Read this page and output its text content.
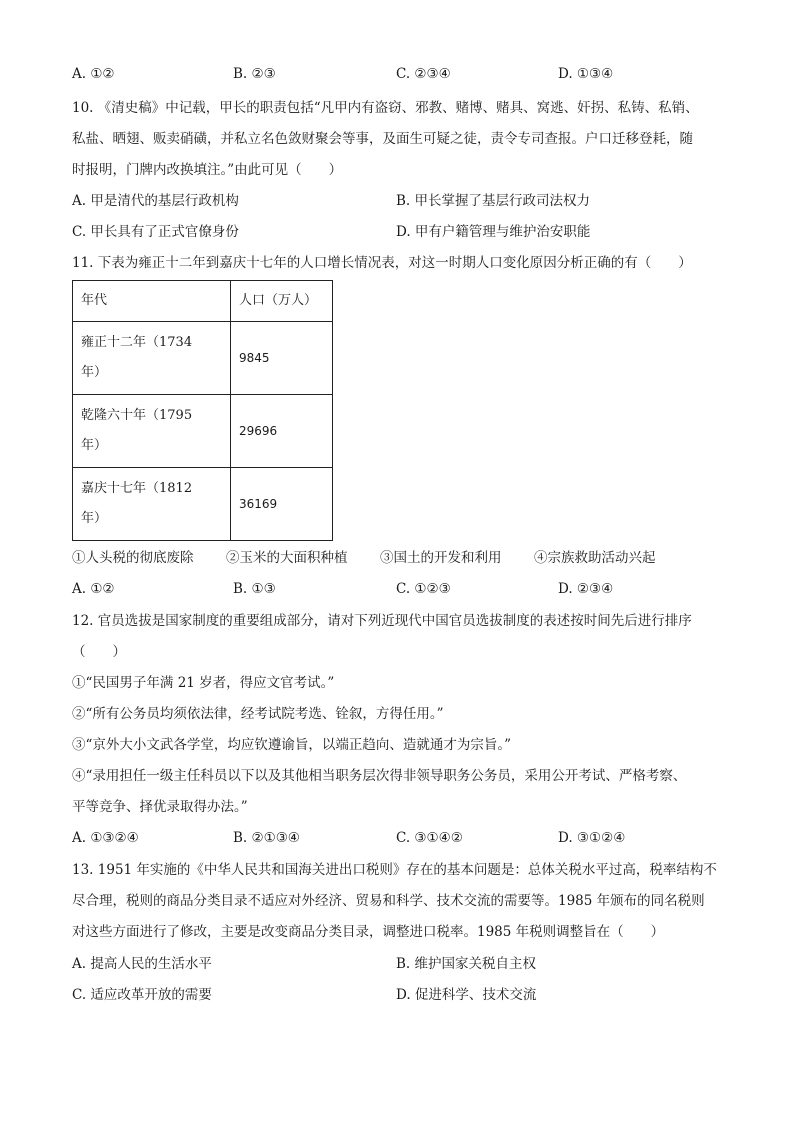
A. ①②	B. ②③	C. ②③④	D. ①③④
10. 《清史稿》中记载，甲长的职责包括“凡甲内有盗窃、邪教、赌博、赌具、窝逃、奸拐、私铸、私销、
私盐、晒翅、贩卖硝磺，并私立名色敛财聚会等事，及面生可疑之徒，责令专司查报。户口迁移登耗，随
时报明，门牌内改换填注。”由此可见（　　）
A. 甲是清代的基层行政机构	B. 甲长掌握了基层行政司法权力
C. 甲长具有了正式官僚身份	D. 甲有户籍管理与维护治安职能
11. 下表为雍正十二年到嘉庆十七年的人口增长情况表，对这一时期人口变化原因分析正确的有（　　）
年代	人口（万人）

雍正十二年（1734
年）	9845

乾隆六十年（1795
年）	29696

嘉庆十七年（1812
年）	36169
①人头税的彻底废除 ②玉米的大面积种植 ③国土的开发和利用 ④宗族救助活动兴起
A. ①②	B. ①③	C. ①②③	D. ②③④
12. 官员选拔是国家制度的重要组成部分，请对下列近现代中国官员选拔制度的表述按时间先后进行排序
（　　）
①“民国男子年满 21 岁者，得应文官考试。”
②“所有公务员均须依法律，经考试院考选、铨叙，方得任用。”
③“京外大小文武各学堂，均应钦遵谕旨，以端正趋向、造就通才为宗旨。”
④“录用担任一级主任科员以下以及其他相当职务层次得非领导职务公务员，采用公开考试、严格考察、
平等竞争、择优录取得办法。”
A. ①③②④	B. ②①③④	C. ③①④②	D. ③①②④
13. 1951 年实施的《中华人民共和国海关进出口税则》存在的基本问题是：总体关税水平过高，税率结构不
尽合理，税则的商品分类目录不适应对外经济、贸易和科学、技术交流的需要等。1985 年颁布的同名税则
对这些方面进行了修改，主要是改变商品分类目录，调整进口税率。1985 年税则调整旨在（　　）
A. 提高人民的生活水平	B. 维护国家关税自主权
C. 适应改革开放的需要	D. 促进科学、技术交流
